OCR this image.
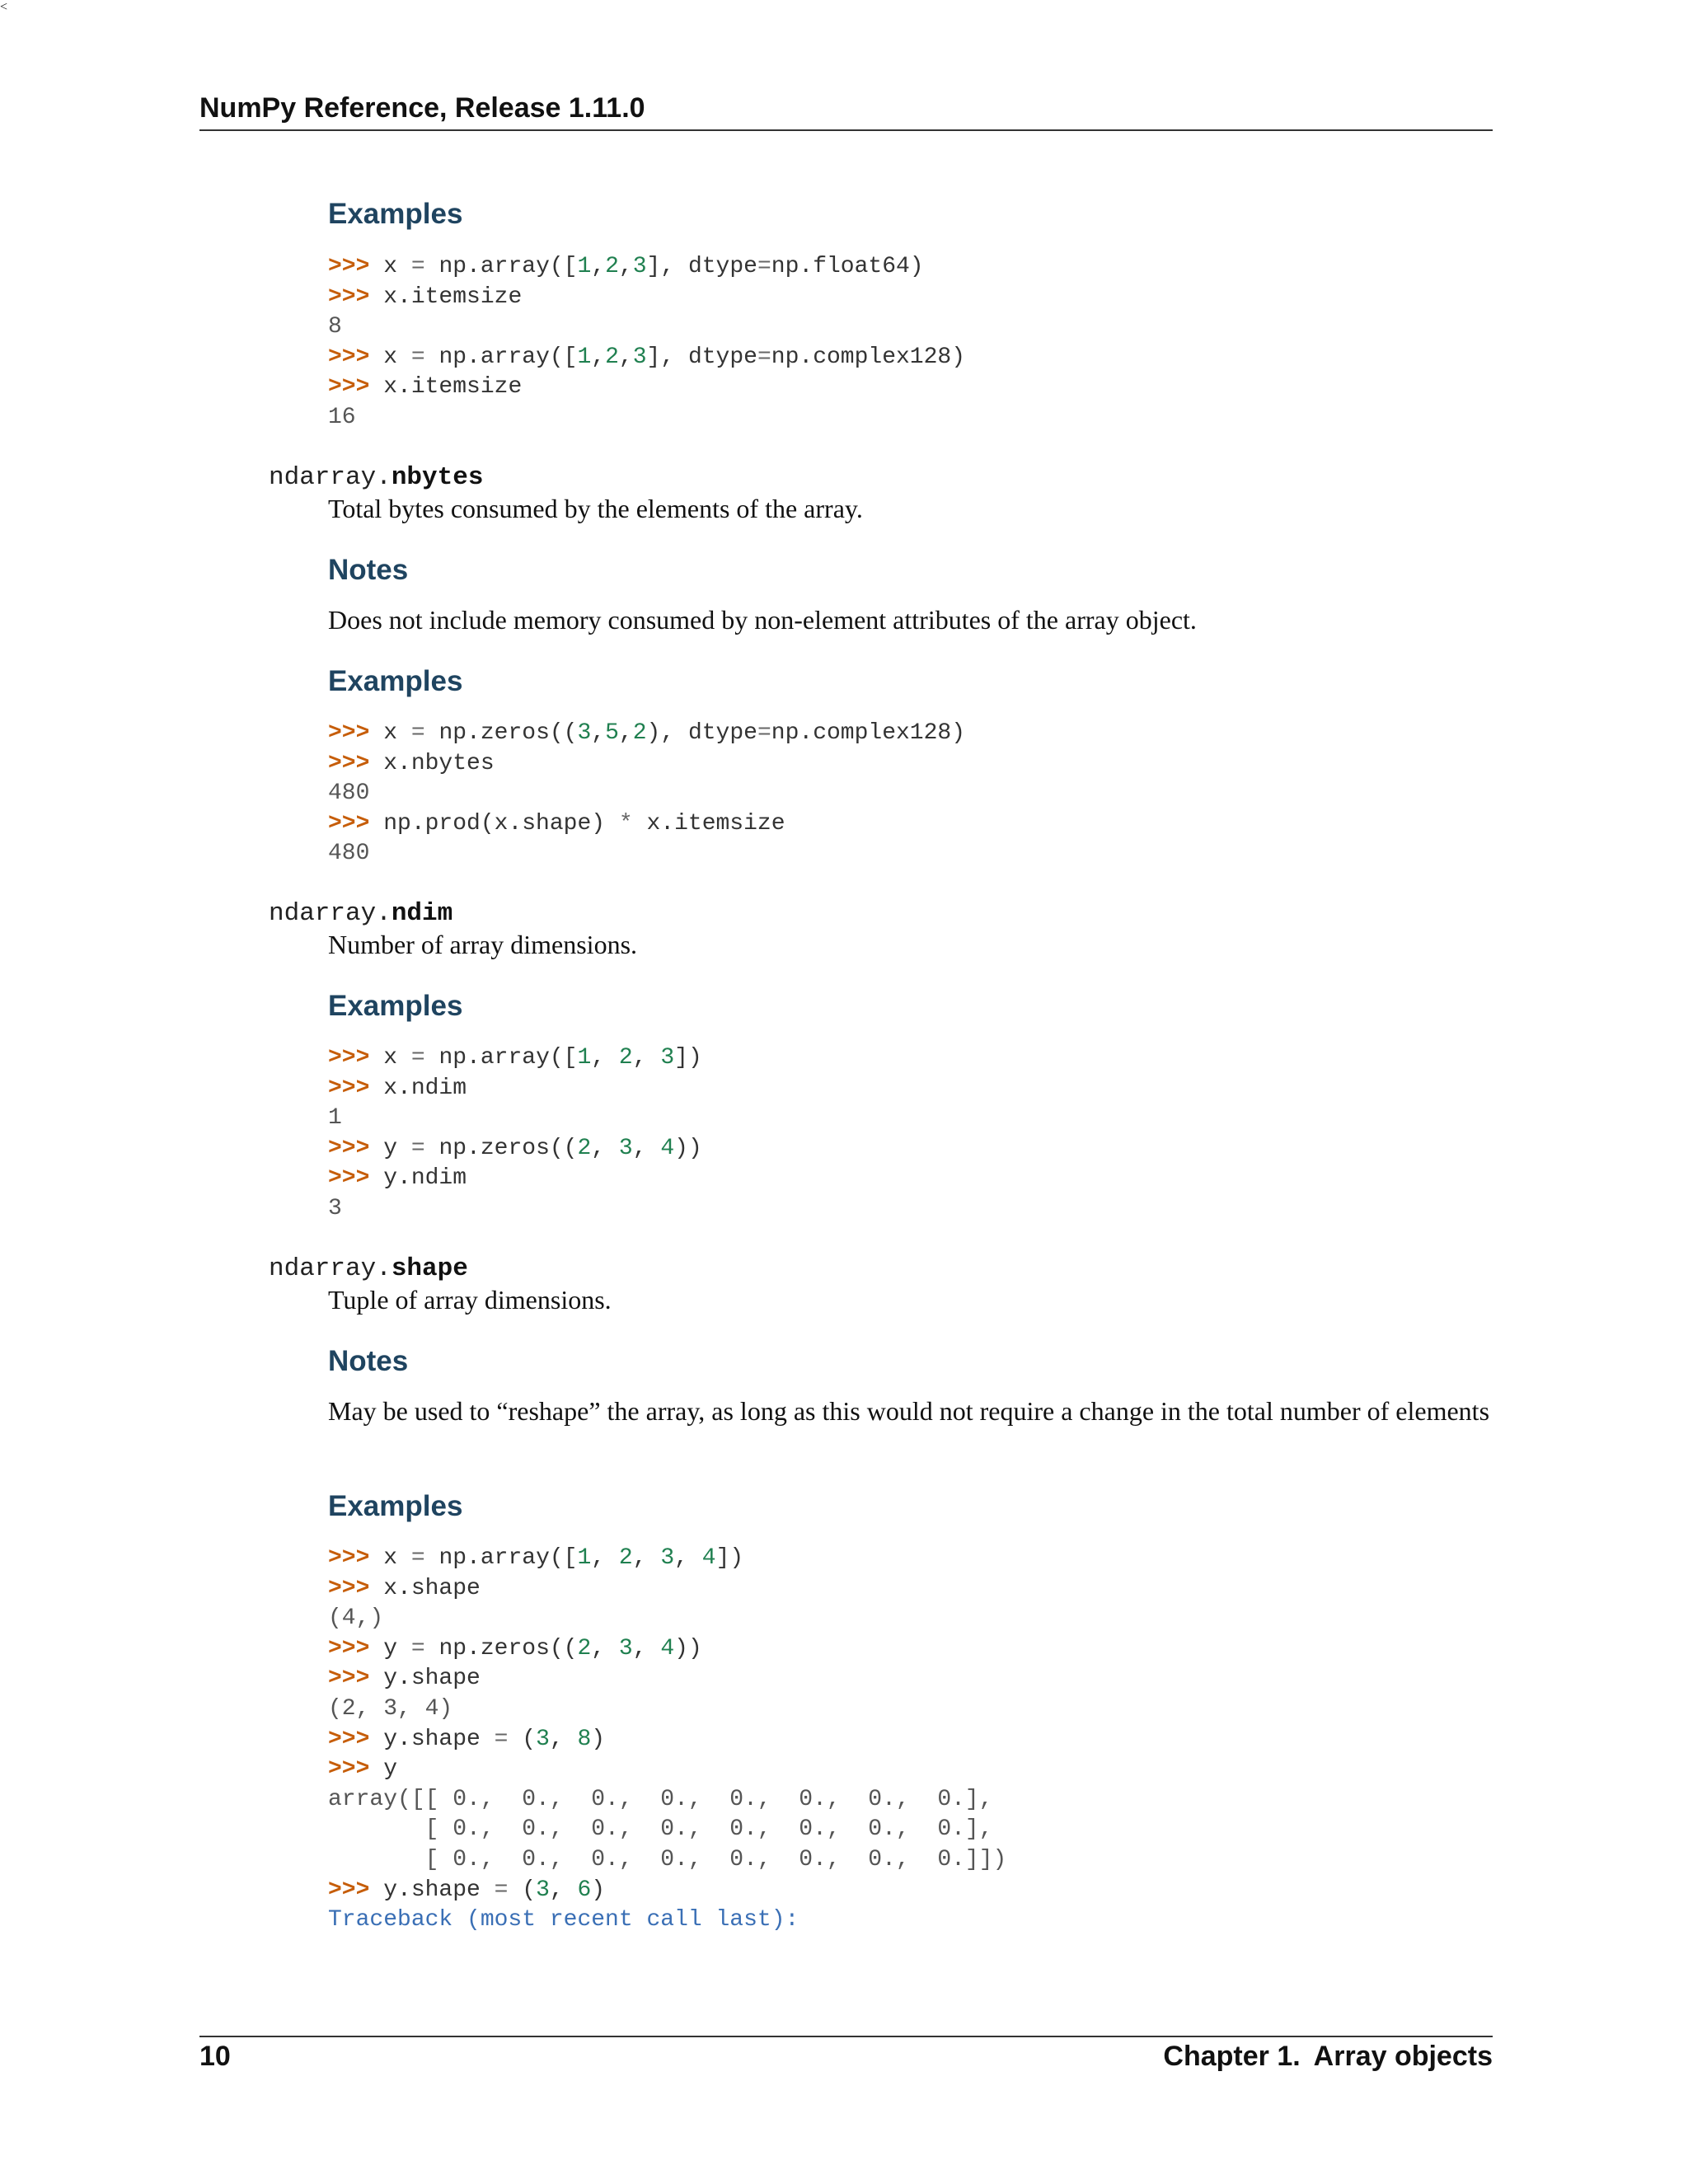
NumPy Reference, Release 1.11.0
Examples
>>> x = np.array([1,2,3], dtype=np.float64)
>>> x.itemsize
8
>>> x = np.array([1,2,3], dtype=np.complex128)
>>> x.itemsize
16
ndarray.nbytes
Total bytes consumed by the elements of the array.
Notes
Does not include memory consumed by non-element attributes of the array object.
Examples
>>> x = np.zeros((3,5,2), dtype=np.complex128)
>>> x.nbytes
480
>>> np.prod(x.shape) * x.itemsize
480
ndarray.ndim
Number of array dimensions.
Examples
>>> x = np.array([1, 2, 3])
>>> x.ndim
1
>>> y = np.zeros((2, 3, 4))
>>> y.ndim
3
<
ndarray.shape
Tuple of array dimensions.
Notes
May be used to “reshape” the array, as long as this would not require a change in the total number of elements
Examples
>>> x = np.array([1, 2, 3, 4])
>>> x.shape
(4,)
>>> y = np.zeros((2, 3, 4))
>>> y.shape
(2, 3, 4)
>>> y.shape = (3, 8)
>>> y
array([[ 0.,  0.,  0.,  0.,  0.,  0.,  0.,  0.],
[ 0.,  0.,  0.,  0.,  0.,  0.,  0.,  0.],
[ 0.,  0.,  0.,  0.,  0.,  0.,  0.,  0.]])
>>> y.shape = (3, 6)
Traceback (most recent call last):
10	Chapter 1. Array objects
